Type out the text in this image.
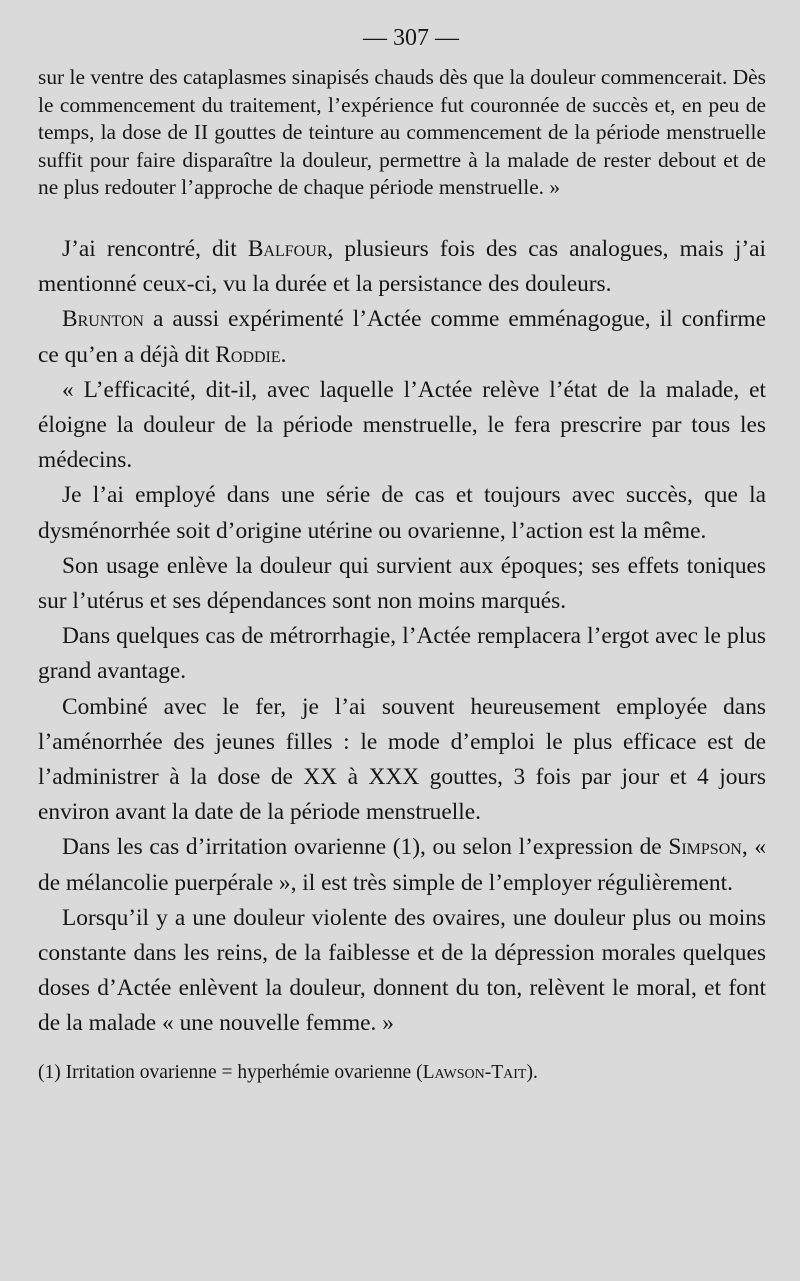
— 307 —

sur le ventre des cataplasmes sinapisés chauds dès que la douleur commencerait. Dès le commencement du traitement, l’expérience fut couronnée de succès et, en peu de temps, la dose de II gouttes de teinture au commencement de la période menstruelle suffit pour faire disparaître la douleur, permettre à la malade de rester debout et de ne plus redouter l’approche de chaque période menstruelle. »

J’ai rencontré, dit Balfour, plusieurs fois des cas analogues, mais j’ai mentionné ceux-ci, vu la durée et la persistance des douleurs.

Brunton a aussi expérimenté l’Actée comme emménagogue, il confirme ce qu’en a déjà dit Roddie.

« L’efficacité, dit-il, avec laquelle l’Actée relève l’état de la malade, et éloigne la douleur de la période menstruelle, le fera prescrire par tous les médecins.

Je l’ai employé dans une série de cas et toujours avec succès, que la dysménorrhée soit d’origine utérine ou ovarienne, l’action est la même.

Son usage enlève la douleur qui survient aux époques; ses effets toniques sur l’utérus et ses dépendances sont non moins marqués.

Dans quelques cas de métrorrhagie, l’Actée remplacera l’ergot avec le plus grand avantage.

Combiné avec le fer, je l’ai souvent heureusement employée dans l’aménorrhée des jeunes filles : le mode d’emploi le plus efficace est de l’administrer à la dose de XX à XXX gouttes, 3 fois par jour et 4 jours environ avant la date de la période menstruelle.

Dans les cas d’irritation ovarienne (1), ou selon l’expression de Simpson, « de mélancolie puerpérale », il est très simple de l’employer régulièrement.

Lorsqu’il y a une douleur violente des ovaires, une douleur plus ou moins constante dans les reins, de la faiblesse et de la dépression morales quelques doses d’Actée enlèvent la douleur, donnent du ton, relèvent le moral, et font de la malade « une nouvelle femme. »

(1) Irritation ovarienne = hyperhémie ovarienne (Lawson-Tait).
